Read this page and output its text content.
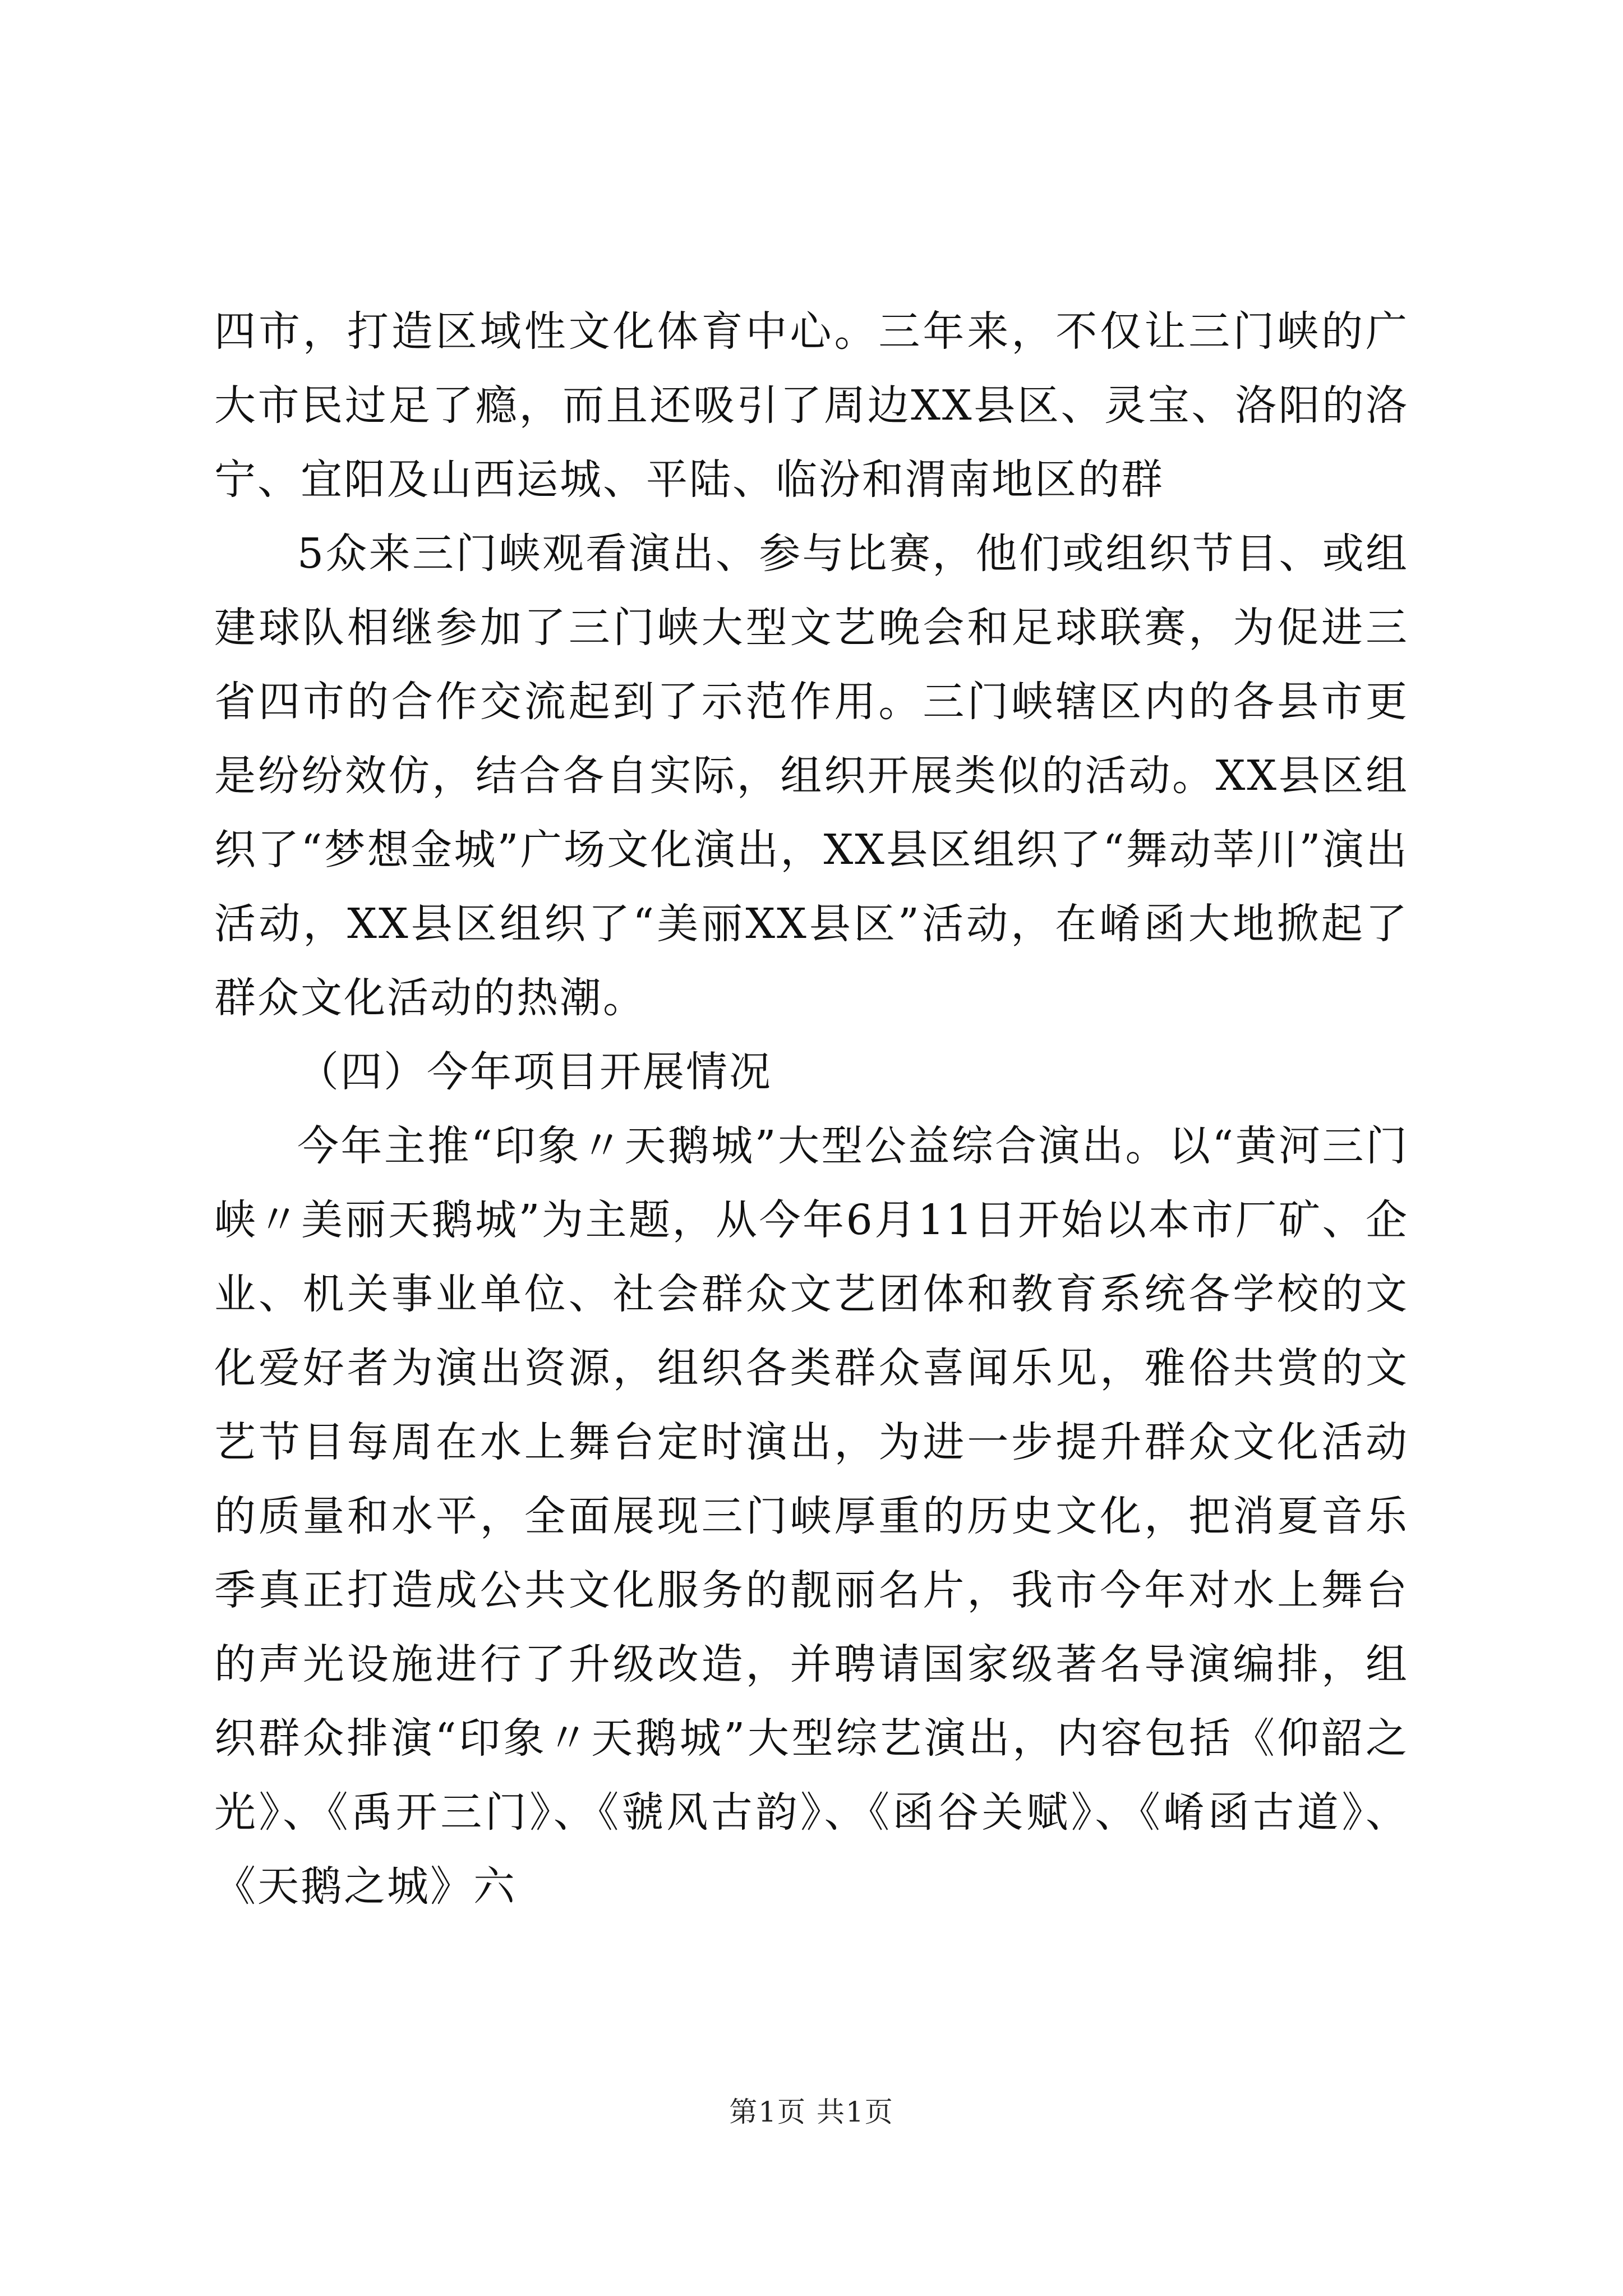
四市，打造区域性文化体育中心。三年来，不仅让三门峡的广大市民过足了瘾，而且还吸引了周边XX县区、灵宝、洛阳的洛宁、宜阳及山西运城、平陆、临汾和渭南地区的群

5众来三门峡观看演出、参与比赛，他们或组织节目、或组建球队相继参加了三门峡大型文艺晚会和足球联赛，为促进三省四市的合作交流起到了示范作用。三门峡辖区内的各县市更是纷纷效仿，结合各自实际，组织开展类似的活动。XX县区组织了“梦想金城”广场文化演出，XX县区组织了“舞动莘川”演出活动，XX县区组织了“美丽XX县区”活动，在崤函大地掀起了群众文化活动的热潮。

（四）今年项目开展情况

今年主推“印象〃天鹅城”大型公益综合演出。以“黄河三门峡〃美丽天鹅城”为主题，从今年6月11日开始以本市厂矿、企业、机关事业单位、社会群众文艺团体和教育系统各学校的文化爱好者为演出资源，组织各类群众喜闻乐见，雅俗共赏的文艺节目每周在水上舞台定时演出，为进一步提升群众文化活动的质量和水平，全面展现三门峡厚重的历史文化，把消夏音乐季真正打造成公共文化服务的靓丽名片，我市今年对水上舞台的声光设施进行了升级改造，并聘请国家级著名导演编排，组织群众排演“印象〃天鹅城”大型综艺演出，内容包括《仰韶之光》、《禹开三门》、《虢风古韵》、《函谷关赋》、《崤函古道》、《天鹅之城》六

第1页 共1页
